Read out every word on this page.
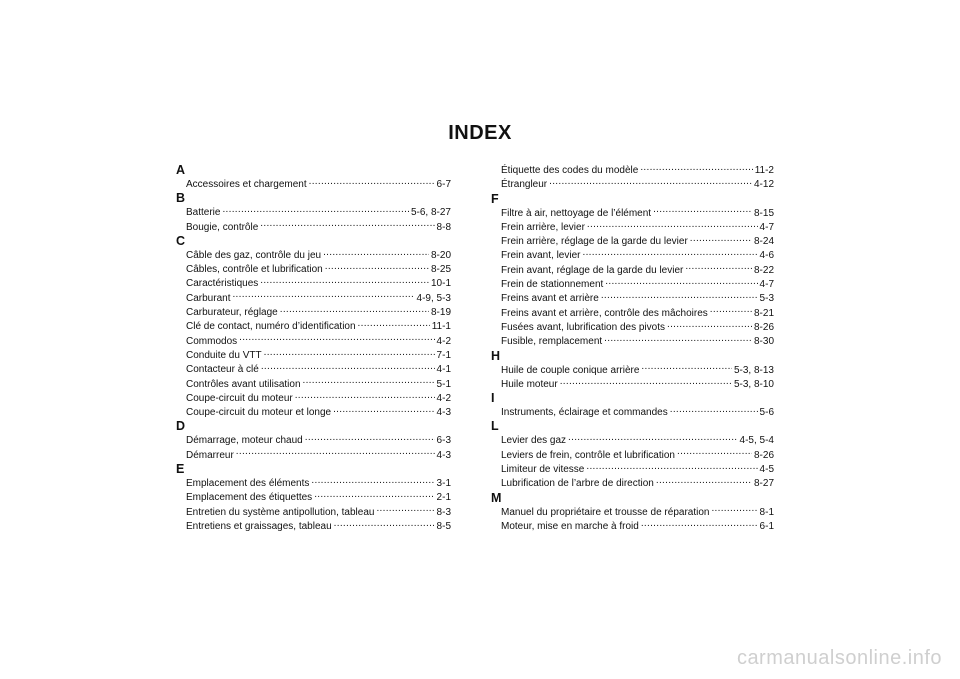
INDEX
A
Accessoires et chargement .....	6-7
B
Batterie .....	5-6, 8-27
Bougie, contrôle .....	8-8
C
Câble des gaz, contrôle du jeu .....	8-20
Câbles, contrôle et lubrification .....	8-25
Caractéristiques .....	10-1
Carburant .....	4-9, 5-3
Carburateur, réglage .....	8-19
Clé de contact, numéro d’identification .....	11-1
Commodos .....	4-2
Conduite du VTT .....	7-1
Contacteur à clé .....	4-1
Contrôles avant utilisation .....	5-1
Coupe-circuit du moteur .....	4-2
Coupe-circuit du moteur et longe .....	4-3
D
Démarrage, moteur chaud .....	6-3
Démarreur .....	4-3
E
Emplacement des éléments .....	3-1
Emplacement des étiquettes .....	2-1
Entretien du système antipollution, tableau .....	8-3
Entretiens et graissages, tableau .....	8-5
Étiquette des codes du modèle .....	11-2
Étrangleur .....	4-12
F
Filtre à air, nettoyage de l’élément .....	8-15
Frein arrière, levier .....	4-7
Frein arrière, réglage de la garde du levier .....	8-24
Frein avant, levier .....	4-6
Frein avant, réglage de la garde du levier .....	8-22
Frein de stationnement .....	4-7
Freins avant et arrière .....	5-3
Freins avant et arrière, contrôle des mâchoires .....	8-21
Fusées avant, lubrification des pivots .....	8-26
Fusible, remplacement .....	8-30
H
Huile de couple conique arrière .....	5-3, 8-13
Huile moteur .....	5-3, 8-10
I
Instruments, éclairage et commandes .....	5-6
L
Levier des gaz .....	4-5, 5-4
Leviers de frein, contrôle et lubrification .....	8-26
Limiteur de vitesse .....	4-5
Lubrification de l’arbre de direction .....	8-27
M
Manuel du propriétaire et trousse de réparation .....	8-1
Moteur, mise en marche à froid .....	6-1
carmanualsonline.info
